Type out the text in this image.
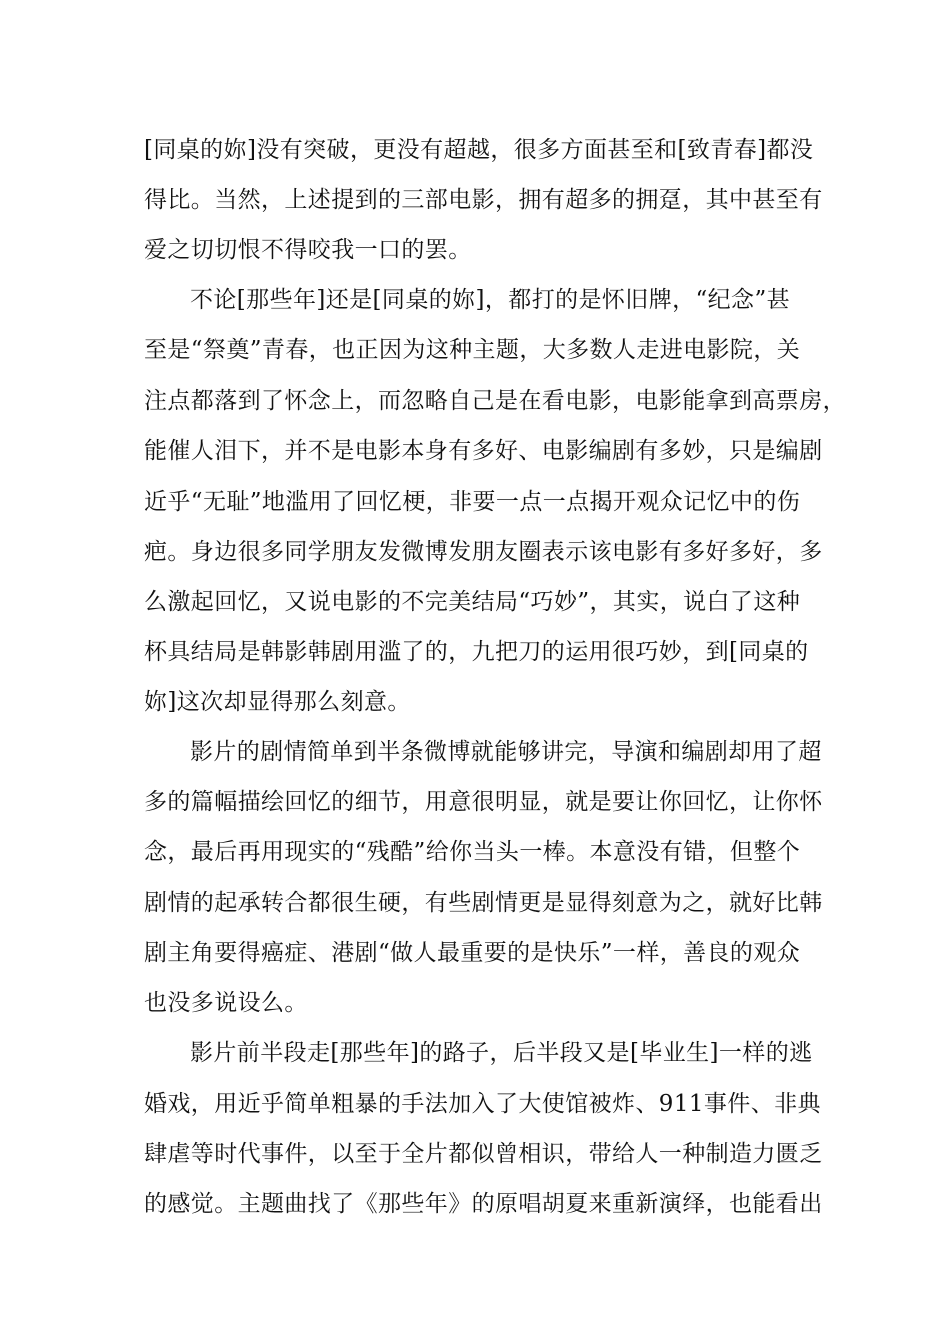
[同桌的妳]没有突破，更没有超越，很多方面甚至和[致青春]都没

得比。当然，上述提到的三部电影，拥有超多的拥趸，其中甚至有

爱之切切恨不得咬我一口的罢。

不论[那些年]还是[同桌的妳]，都打的是怀旧牌，“纪念”甚

至是“祭奠”青春，也正因为这种主题，大多数人走进电影院，关

注点都落到了怀念上，而忽略自己是在看电影，电影能拿到高票房，

能催人泪下，并不是电影本身有多好、电影编剧有多妙，只是编剧

近乎“无耻”地滥用了回忆梗，非要一点一点揭开观众记忆中的伤

疤。身边很多同学朋友发微博发朋友圈表示该电影有多好多好，多

么激起回忆，又说电影的不完美结局“巧妙”，其实，说白了这种

杯具结局是韩影韩剧用滥了的，九把刀的运用很巧妙，到[同桌的

妳]这次却显得那么刻意。

影片的剧情简单到半条微博就能够讲完，导演和编剧却用了超

多的篇幅描绘回忆的细节，用意很明显，就是要让你回忆，让你怀

念，最后再用现实的“残酷”给你当头一棒。本意没有错，但整个

剧情的起承转合都很生硬，有些剧情更是显得刻意为之，就好比韩

剧主角要得癌症、港剧“做人最重要的是快乐”一样，善良的观众

也没多说设么。

影片前半段走[那些年]的路子，后半段又是[毕业生]一样的逃

婚戏，用近乎简单粗暴的手法加入了大使馆被炸、911事件、非典

肆虐等时代事件，以至于全片都似曾相识，带给人一种制造力匮乏

的感觉。主题曲找了《那些年》的原唱胡夏来重新演绎，也能看出
